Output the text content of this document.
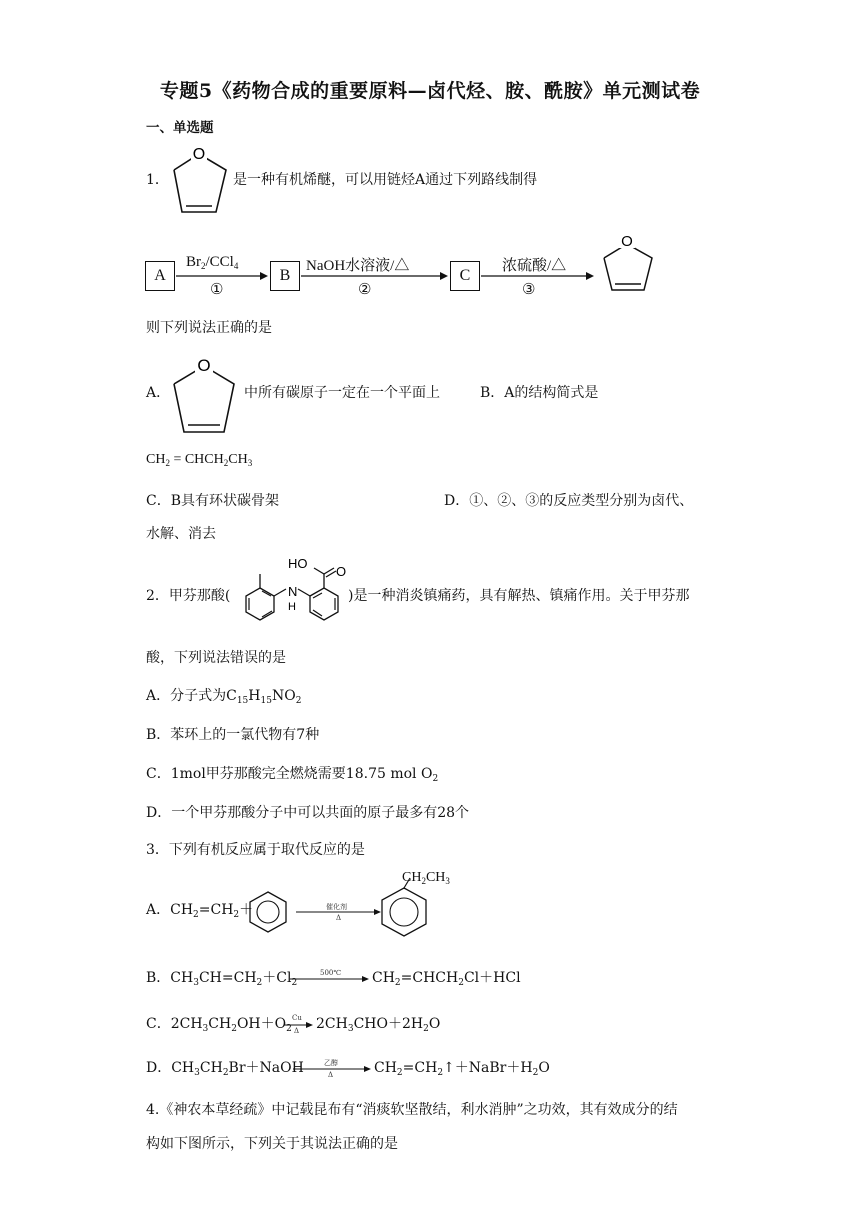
专题5《药物合成的重要原料—卤代烃、胺、酰胺》单元测试卷
一、单选题
1．
O
是一种有机烯醚，可以用链烃A通过下列路线制得
A	B	C
O
$Br_2/CCl_4$
①
NaOH水溶液/△
②
浓硫酸/△
③
则下列说法正确的是
A．
O
中所有碳原子一定在一个平面上	B．A的结构简式是
$CH_2$ = $CHCH_2CH_3$
C．B具有环状碳骨架	D．①、②、③的反应类型分别为卤代、
水解、消去
2．甲芬那酸(	N
H
HO
O
)是一种消炎镇痛药，具有解热、镇痛作用。关于甲芬那
酸，下列说法错误的是
A．分子式为$C_{15}H_{15}NO_2$
B．苯环上的一氯代物有7种
C．1mol甲芬那酸完全燃烧需要18.75 mol $O_2$
D．一个甲芬那酸分子中可以共面的原子最多有28个
3．下列有机反应属于取代反应的是
A．$CH_2=CH_2+$	催化剂
Δ
$CH_2CH_3$
B．$CH_3CH=CH_2+Cl_2$
500℃ $CH_2=CHCH_2Cl+HCl$
C．$2CH_3CH_2OH+O_2$
Cu
Δ $2CH_3CHO+2H_2O$
D．$CH_3CH_2Br+NaOH$	乙醇
Δ	$CH_2=CH_2↑+NaBr+H_2O$
4.《神农本草经疏》中记载昆布有“消痰软坚散结，利水消肿”之功效，其有效成分的结
构如下图所示，下列关于其说法正确的是
